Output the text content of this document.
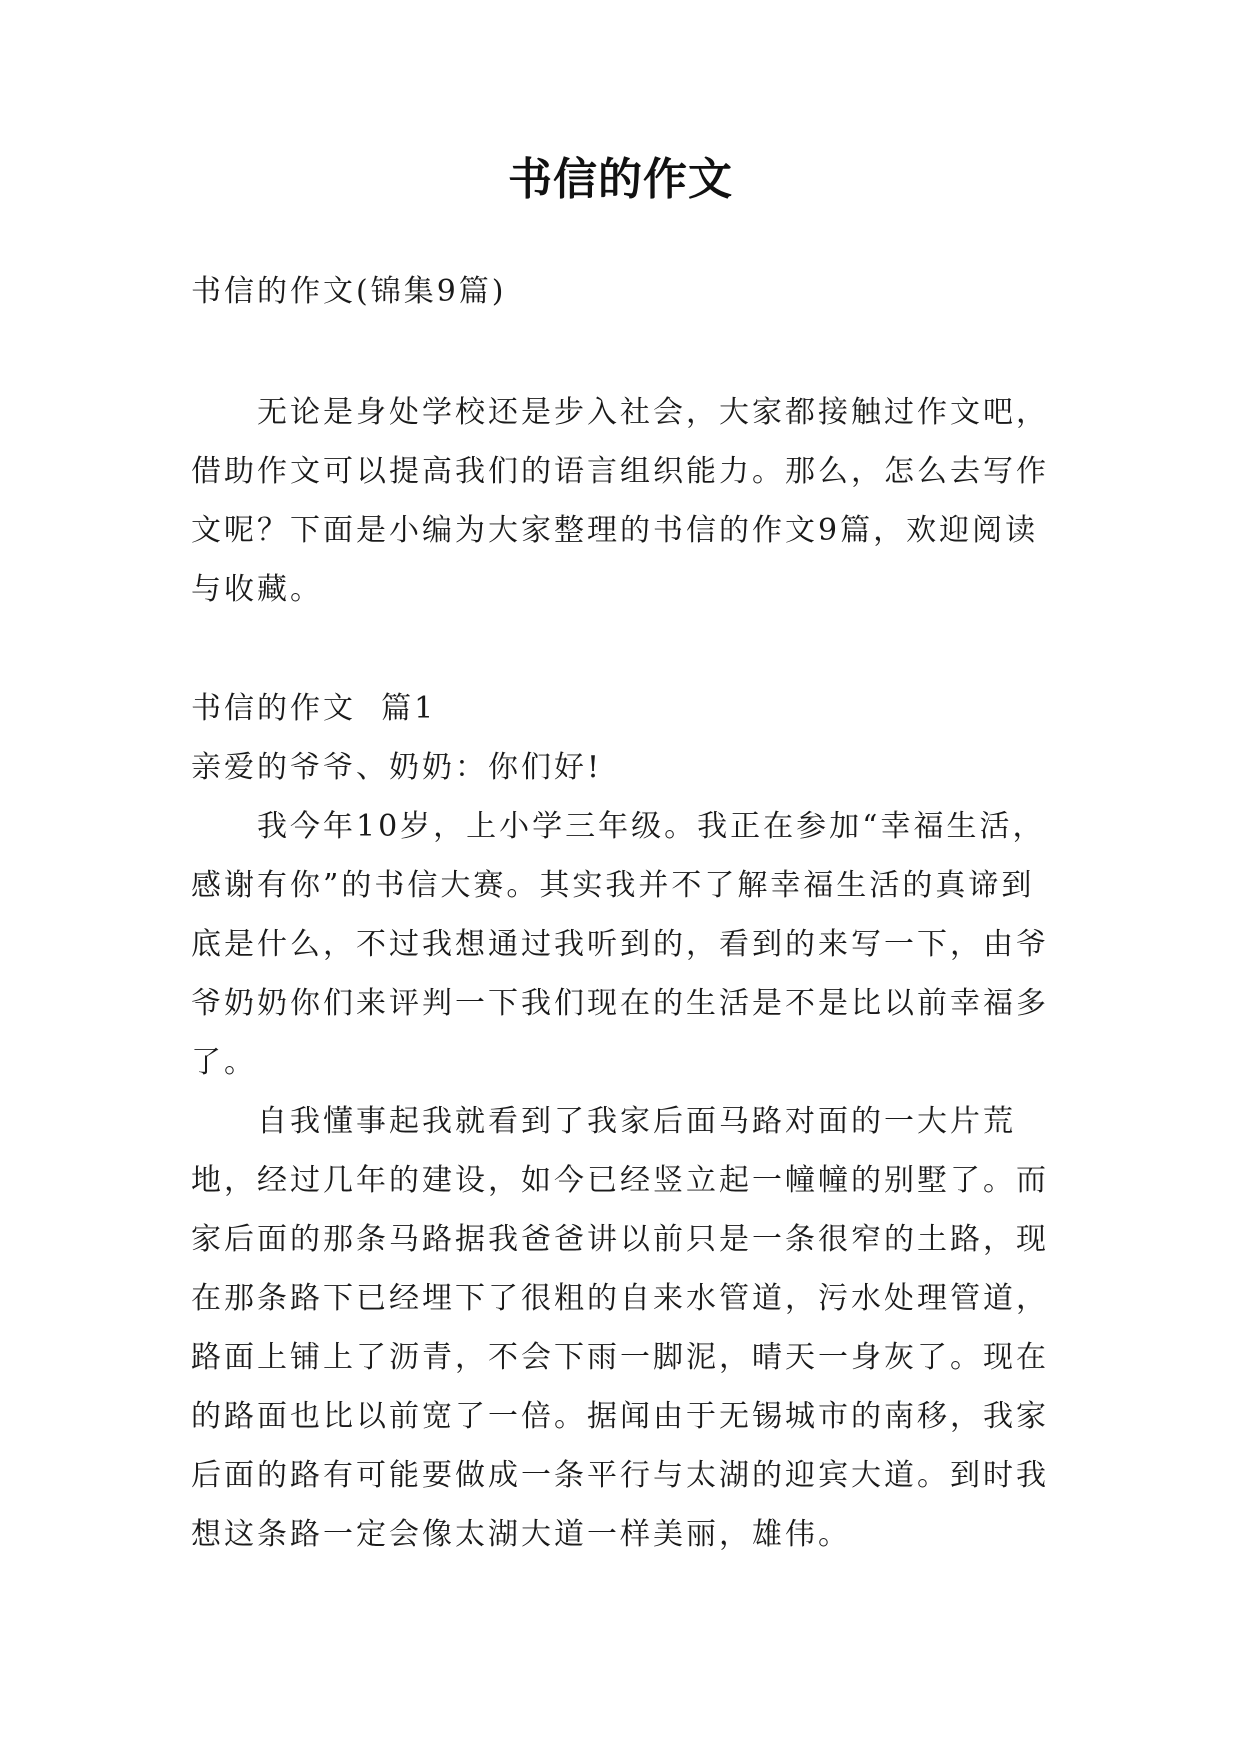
书信的作文

书信的作文(锦集9篇)

无论是身处学校还是步入社会，大家都接触过作文吧，借助作文可以提高我们的语言组织能力。那么，怎么去写作文呢？下面是小编为大家整理的书信的作文9篇，欢迎阅读与收藏。

书信的作文  篇1

亲爱的爷爷、奶奶：你们好!

我今年10岁，上小学三年级。我正在参加“幸福生活，感谢有你”的书信大赛。其实我并不了解幸福生活的真谛到底是什么，不过我想通过我听到的，看到的来写一下，由爷爷奶奶你们来评判一下我们现在的生活是不是比以前幸福多了。

自我懂事起我就看到了我家后面马路对面的一大片荒地，经过几年的建设，如今已经竖立起一幢幢的别墅了。而家后面的那条马路据我爸爸讲以前只是一条很窄的土路，现在那条路下已经埋下了很粗的自来水管道，污水处理管道，路面上铺上了沥青，不会下雨一脚泥，晴天一身灰了。现在的路面也比以前宽了一倍。据闻由于无锡城市的南移，我家后面的路有可能要做成一条平行与太湖的迎宾大道。到时我想这条路一定会像太湖大道一样美丽，雄伟。
